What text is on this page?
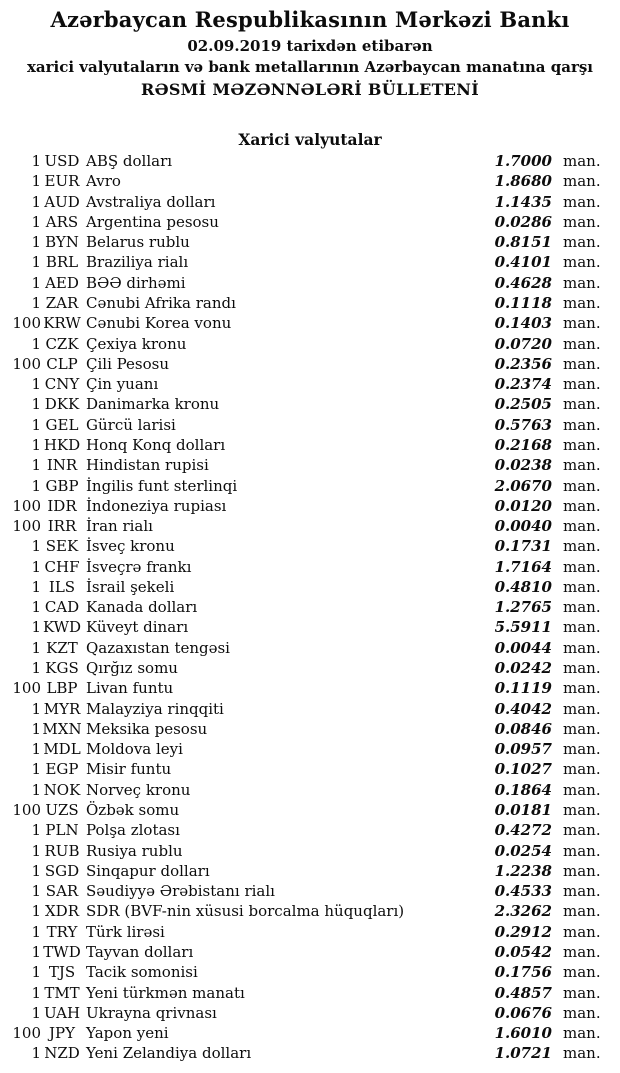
Azərbaycan Respublikasının Mərkəzi Bankı
02.09.2019 tarixdən etibarən
xarici valyutaların və bank metallarının Azərbaycan manatına qarşı
RƏSMİ MƏZƏNNƏLƏRİ BÜLLETENİ
Xarici valyutalar
1 USD ABŞ dolları	1.7000 man.
1 EUR Avro	1.8680 man.
1 AUD Avstraliya dolları	1.1435 man.
1 ARS Argentina pesosu	0.0286 man.
1 BYN Belarus rublu	0.8151 man.
1 BRL Braziliya rialı	0.4101 man.
1 AED BƏƏ dirhəmi	0.4628 man.
1 ZAR Cənubi Afrika randı	0.1118 man.
100 KRW Cənubi Korea vonu	0.1403 man.
1 CZK Çexiya kronu	0.0720 man.
100 CLP Çili Pesosu	0.2356 man.
1 CNY Çin yuanı	0.2374 man.
1 DKK Danimarka kronu	0.2505 man.
1 GEL Gürcü larisi	0.5763 man.
1 HKD Honq Konq dolları	0.2168 man.
1 INR Hindistan rupisi	0.0238 man.
1 GBP İngilis funt sterlinqi	2.0670 man.
100 IDR İndoneziya rupiası	0.0120 man.
100 IRR İran rialı	0.0040 man.
1 SEK İsveç kronu	0.1731 man.
1 CHF İsveçrə frankı	1.7164 man.
1 ILS İsrail şekeli	0.4810 man.
1 CAD Kanada dolları	1.2765 man.
1 KWD Küveyt dinarı	5.5911 man.
1 KZT Qazaxıstan tengəsi	0.0044 man.
1 KGS Qırğız somu	0.0242 man.
100 LBP Livan funtu	0.1119 man.
1 MYR Malayziya rinqqiti	0.4042 man.
1 MXN Meksika pesosu	0.0846 man.
1 MDL Moldova leyi	0.0957 man.
1 EGP Misir funtu	0.1027 man.
1 NOK Norveç kronu	0.1864 man.
100 UZS Özbək somu	0.0181 man.
1 PLN Polşa zlotası	0.4272 man.
1 RUB Rusiya rublu	0.0254 man.
1 SGD Sinqapur dolları	1.2238 man.
1 SAR Səudiyyə Ərəbistanı rialı	0.4533 man.
1 XDR SDR (BVF-nin xüsusi borcalma hüquqları)	2.3262 man.
1 TRY Türk lirəsi	0.2912 man.
1 TWD Tayvan dolları	0.0542 man.
1 TJS Tacik somonisi	0.1756 man.
1 TMT Yeni türkmən manatı	0.4857 man.
1 UAH Ukrayna qrivnası	0.0676 man.
100 JPY Yapon yeni	1.6010 man.
1 NZD Yeni Zelandiya dolları	1.0721 man.
